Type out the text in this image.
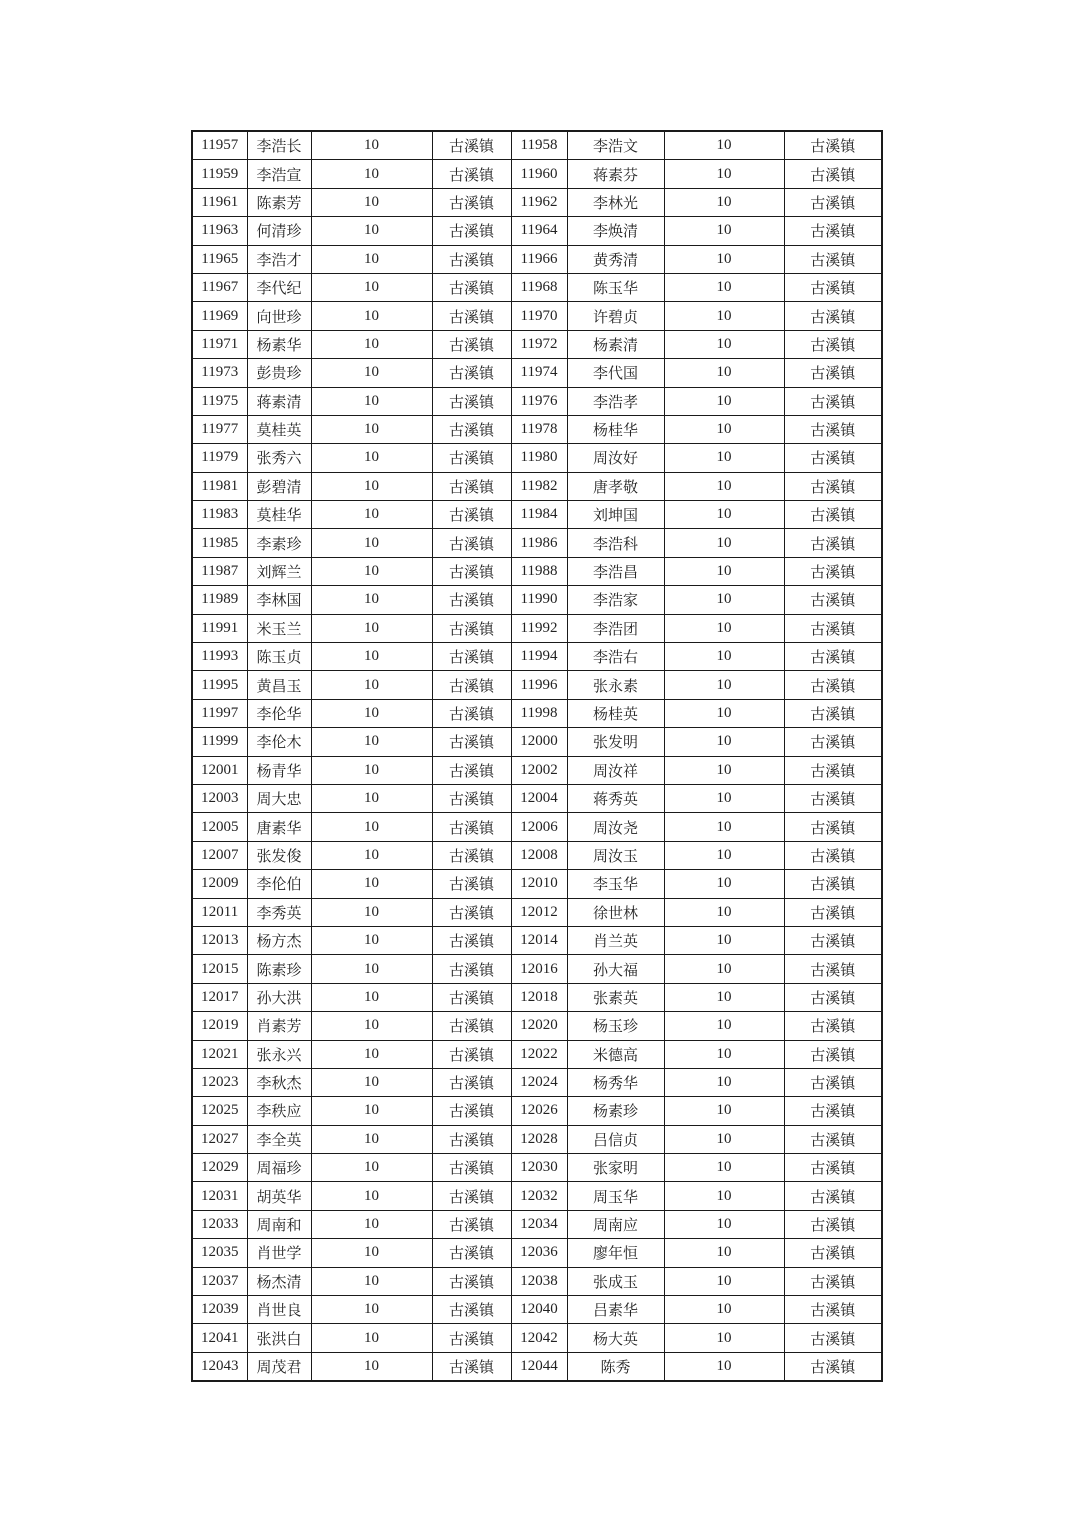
11957	李浩长	10	古溪镇	11958	李浩文	10	古溪镇
11959	李浩宣	10	古溪镇	11960	蒋素芬	10	古溪镇
11961	陈素芳	10	古溪镇	11962	李林光	10	古溪镇
11963	何清珍	10	古溪镇	11964	李焕清	10	古溪镇
11965	李浩才	10	古溪镇	11966	黄秀清	10	古溪镇
11967	李代纪	10	古溪镇	11968	陈玉华	10	古溪镇
11969	向世珍	10	古溪镇	11970	许碧贞	10	古溪镇
11971	杨素华	10	古溪镇	11972	杨素清	10	古溪镇
11973	彭贵珍	10	古溪镇	11974	李代国	10	古溪镇
11975	蒋素清	10	古溪镇	11976	李浩孝	10	古溪镇
11977	莫桂英	10	古溪镇	11978	杨桂华	10	古溪镇
11979	张秀六	10	古溪镇	11980	周汝好	10	古溪镇
11981	彭碧清	10	古溪镇	11982	唐孝敬	10	古溪镇
11983	莫桂华	10	古溪镇	11984	刘坤国	10	古溪镇
11985	李素珍	10	古溪镇	11986	李浩科	10	古溪镇
11987	刘辉兰	10	古溪镇	11988	李浩昌	10	古溪镇
11989	李林国	10	古溪镇	11990	李浩家	10	古溪镇
11991	米玉兰	10	古溪镇	11992	李浩团	10	古溪镇
11993	陈玉贞	10	古溪镇	11994	李浩右	10	古溪镇
11995	黄昌玉	10	古溪镇	11996	张永素	10	古溪镇
11997	李伦华	10	古溪镇	11998	杨桂英	10	古溪镇
11999	李伦木	10	古溪镇	12000	张发明	10	古溪镇
12001	杨青华	10	古溪镇	12002	周汝祥	10	古溪镇
12003	周大忠	10	古溪镇	12004	蒋秀英	10	古溪镇
12005	唐素华	10	古溪镇	12006	周汝尧	10	古溪镇
12007	张发俊	10	古溪镇	12008	周汝玉	10	古溪镇
12009	李伦伯	10	古溪镇	12010	李玉华	10	古溪镇
12011	李秀英	10	古溪镇	12012	徐世林	10	古溪镇
12013	杨方杰	10	古溪镇	12014	肖兰英	10	古溪镇
12015	陈素珍	10	古溪镇	12016	孙大福	10	古溪镇
12017	孙大洪	10	古溪镇	12018	张素英	10	古溪镇
12019	肖素芳	10	古溪镇	12020	杨玉珍	10	古溪镇
12021	张永兴	10	古溪镇	12022	米德高	10	古溪镇
12023	李秋杰	10	古溪镇	12024	杨秀华	10	古溪镇
12025	李秩应	10	古溪镇	12026	杨素珍	10	古溪镇
12027	李全英	10	古溪镇	12028	吕信贞	10	古溪镇
12029	周福珍	10	古溪镇	12030	张家明	10	古溪镇
12031	胡英华	10	古溪镇	12032	周玉华	10	古溪镇
12033	周南和	10	古溪镇	12034	周南应	10	古溪镇
12035	肖世学	10	古溪镇	12036	廖年恒	10	古溪镇
12037	杨杰清	10	古溪镇	12038	张成玉	10	古溪镇
12039	肖世良	10	古溪镇	12040	吕素华	10	古溪镇
12041	张洪白	10	古溪镇	12042	杨大英	10	古溪镇
12043	周茂君	10	古溪镇	12044	陈秀	10	古溪镇
